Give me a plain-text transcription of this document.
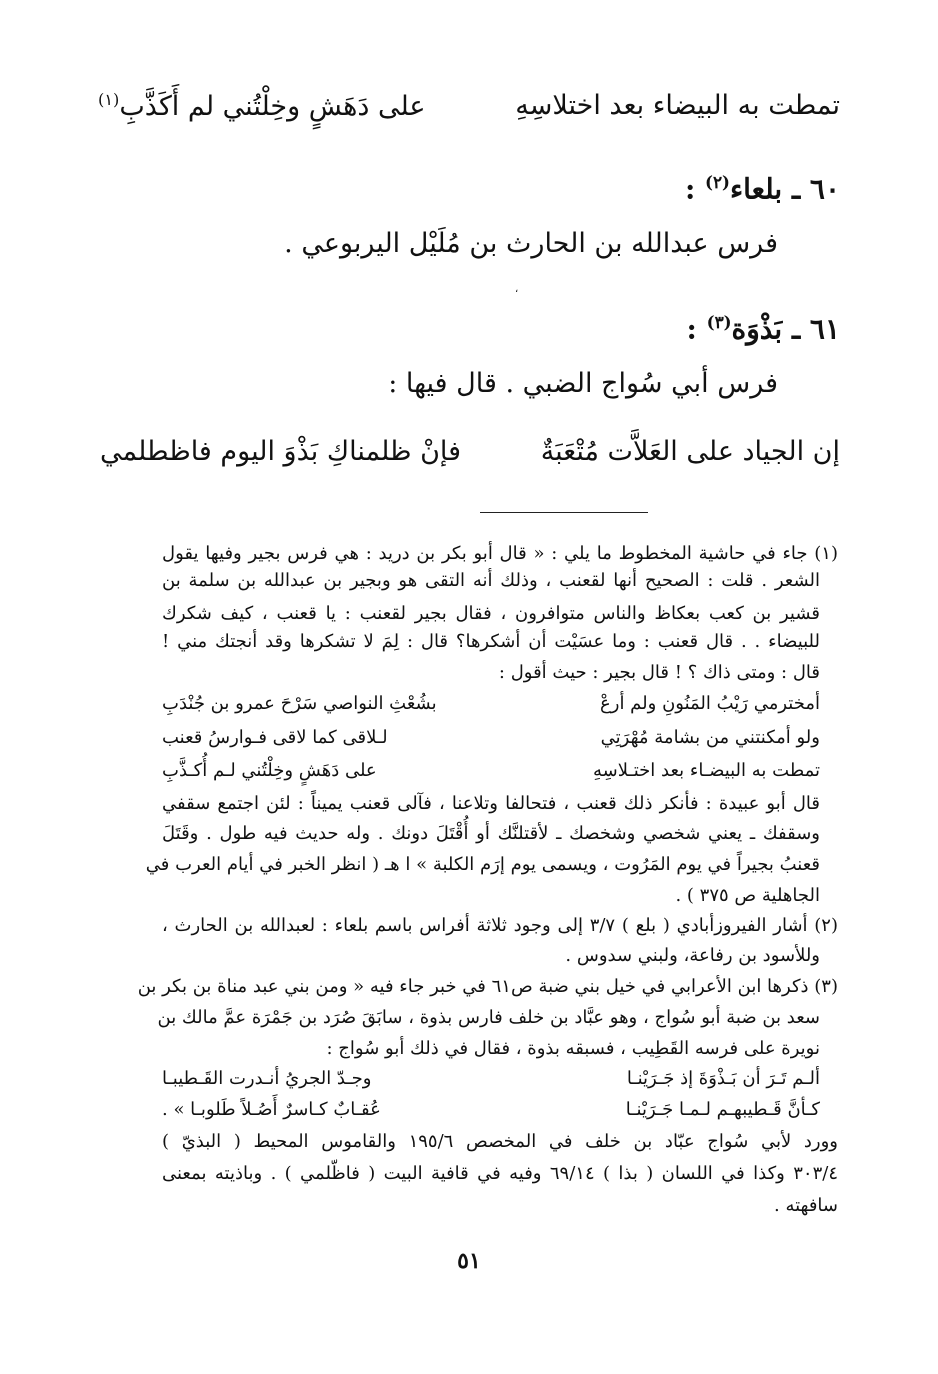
تمطت به البيضاء بعد اختلاسِهِ
على دَهَشٍ وخِلْتُني لم أَكَذَّبِ$^{(١)}$
٦٠ ـ بلعاء$^{(٢)}$ :
فرس عبدالله بن الحارث بن مُلَيْل اليربوعي .
،
٦١ ـ بَذْوَة$^{(٣)}$ :
فرس أبي سُواج الضبي . قال فيها :
إن الجياد على العَلاَّت مُتْعَبَةٌ
فإنْ ظلمناكِ بَذْوَ اليوم فاظطلمي
(١) جاء في حاشية المخطوط ما يلي : « قال أبو بكر بن دريد : هي فرس بجير وفيها يقول
الشعر . قلت : الصحيح أنها لقعنب ، وذلك أنه التقى هو وبجير بن عبدالله بن سلمة بن
قشير بن كعب بعكاظ والناس متوافرون ، فقال بجير لقعنب : يا قعنب ، كيف شكرك
للبيضاء . . قال قعنب : وما عسَيْت أن أشكرها؟ قال : لِمَ لا تشكرها وقد أنجتك مني !
قال : ومتى ذاك ؟ ! قال بجير : حيث أقول :
أمخترمي رَيْبُ المَنُونِ ولم أرعْ
بشُعْثِ النواصي سَرْحَ عمرو بن جُنْدَبِ
ولو أمكنتني من بشامة مُهْرَتِي
لـلاقى كما لاقى فـوارسُ قعنب
تمطت به البيضـاء بعد اختـلاسِهِ
على دَهَشٍ وخِلْتُني لـم أُكـذَّبِ
قال أبو عبيدة : فأنكر ذلك قعنب ، فتحالفا وتلاعنا ، فآلى قعنب يميناً : لئن اجتمع سقفي
وسقفك ـ يعني شخصي وشخصك ـ لأقتلنَّك أو أُقْتَلَ دونك . وله حديث فيه طول . وقَتَلَ
قعنبُ بجيراً في يوم المَرُوت ، ويسمى يوم إرَم الكلبة » ا هـ ( انظر الخبر في أيام العرب في
الجاهلية ص ٣٧٥ ) .
(٢) أشار الفيروزأبادي ( بلع ) ٣/٧ إلى وجود ثلاثة أفراس باسم بلعاء : لعبدالله بن الحارث ،
وللأسود بن رفاعة، ولبني سدوس .
(٣) ذكرها ابن الأعرابي في خيل بني ضبة ص٦١ في خبر جاء فيه « ومن بني عبد مناة بن بكر بن
سعد بن ضبة أبو سُواج ، وهو عبَّاد بن خلف فارس بذوة ، سابَقَ صُرَد بن جَمْرَة عمَّ مالك بن
نويرة على فرسه القَطِيب ، فسبقه بذوة ، فقال في ذلك أبو سُواج :
ألـم تَـرَ أن بَـذْوَةَ إذ جَـرَيْنـا
وجـدّ الجريُ أنـدرت القَـطيبـا
كـأنَّ قَـطيبهـم لـمـا جَـرَيْنـا
عُقـابٌ كـاسرٌ أَصُـلاً طَلوبـا » .
وورد لأبي سُواج عبّاد بن خلف في المخصص ١٩٥/٦ والقاموس المحيط ( البذيّ )
٣٠٣/٤ وكذا في اللسان ( بذا ) ٦٩/١٤ وفيه في قافية البيت ( فاظّلمي ) . وباذيته بمعنى
سافهته .
٥١
